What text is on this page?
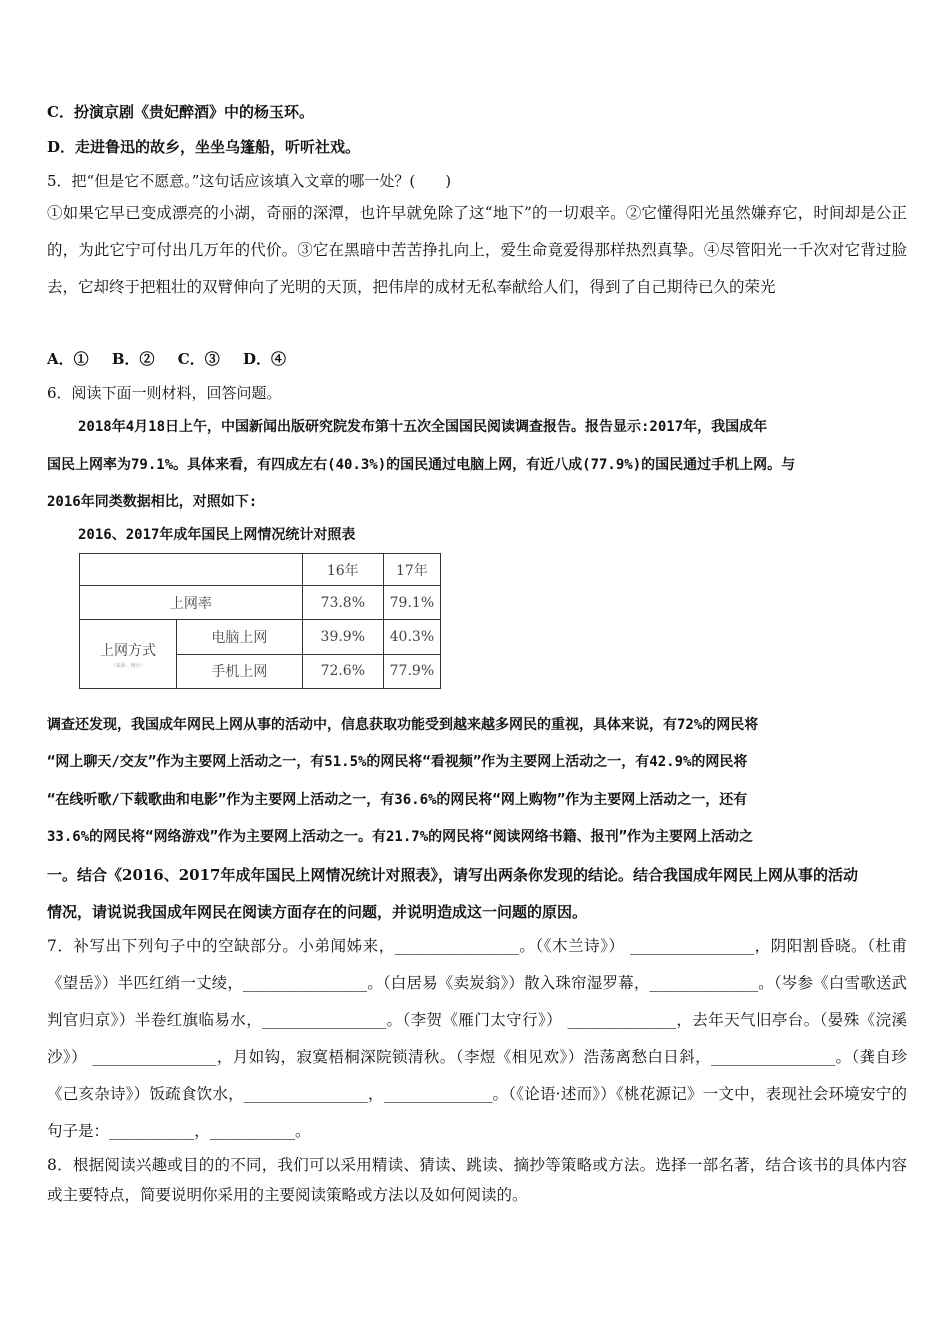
C．扮演京剧《贵妃醉酒》中的杨玉环。
D．走进鲁迅的故乡，坐坐乌篷船，听听社戏。
5．把“但是它不愿意。”这句话应该填入文章的哪一处？(　　)
①如果它早已变成漂亮的小湖，奇丽的深潭，也许早就免除了这“地下”的一切艰辛。②它懂得阳光虽然嫌弃它，时间却是公正的，为此它宁可付出几万年的代价。③它在黑暗中苦苦挣扎向上，爱生命竟爱得那样热烈真挚。④尽管阳光一千次对它背过脸去，它却终于把粗壮的双臂伸向了光明的天顶，把伟岸的成材无私奉献给人们，得到了自己期待已久的荣光
A．① B．② C．③ D．④
6．阅读下面一则材料，回答问题。
2018年4月18日上午，中国新闻出版研究院发布第十五次全国国民阅读调查报告。报告显示:2017年，我国成年
国民上网率为79.1%。具体来看，有四成左右(40.3%)的国民通过电脑上网，有近八成(77.9%)的国民通过手机上网。与
2016年同类数据相比，对照如下:
2016、2017年成年国民上网情况统计对照表
		16年	17年
上网率		73.8%	79.1%
上网方式
（来源：统计）	电脑上网	39.9%	40.3%
	手机上网	72.6%	77.9%
调查还发现，我国成年网民上网从事的活动中，信息获取功能受到越来越多网民的重视，具体来说，有72%的网民将
“网上聊天/交友”作为主要网上活动之一，有51.5%的网民将“看视频”作为主要网上活动之一，有42.9%的网民将
“在线听歌/下载歌曲和电影”作为主要网上活动之一，有36.6%的网民将“网上购物”作为主要网上活动之一，还有
33.6%的网民将“网络游戏”作为主要网上活动之一。有21.7%的网民将“阅读网络书籍、报刊”作为主要网上活动之
一。结合《2016、2017年成年国民上网情况统计对照表》，请写出两条你发现的结论。结合我国成年网民上网从事的活动
情况，请说说我国成年网民在阅读方面存在的问题，并说明造成这一问题的原因。
7．补写出下列句子中的空缺部分。小弟闻姊来，________________。（《木兰诗》） ________________，阴阳割昏晓。（杜甫《望岳》）半匹红绡一丈绫，________________。（白居易《卖炭翁》）散入珠帘湿罗幕，______________。（岑参《白雪歌送武判官归京》）半卷红旗临易水，________________。（李贺《雁门太守行》） ______________，去年天气旧亭台。（晏殊《浣溪沙》） ________________，月如钩，寂寞梧桐深院锁清秋。（李煜《相见欢》）浩荡离愁白日斜，________________。（龚自珍《己亥杂诗》）饭疏食饮水，________________，______________。（《论语·述而》）《桃花源记》一文中，表现社会环境安宁的句子是：___________，___________。
8．根据阅读兴趣或目的的不同，我们可以采用精读、猜读、跳读、摘抄等策略或方法。选择一部名著，结合该书的具体内容或主要特点，简要说明你采用的主要阅读策略或方法以及如何阅读的。
